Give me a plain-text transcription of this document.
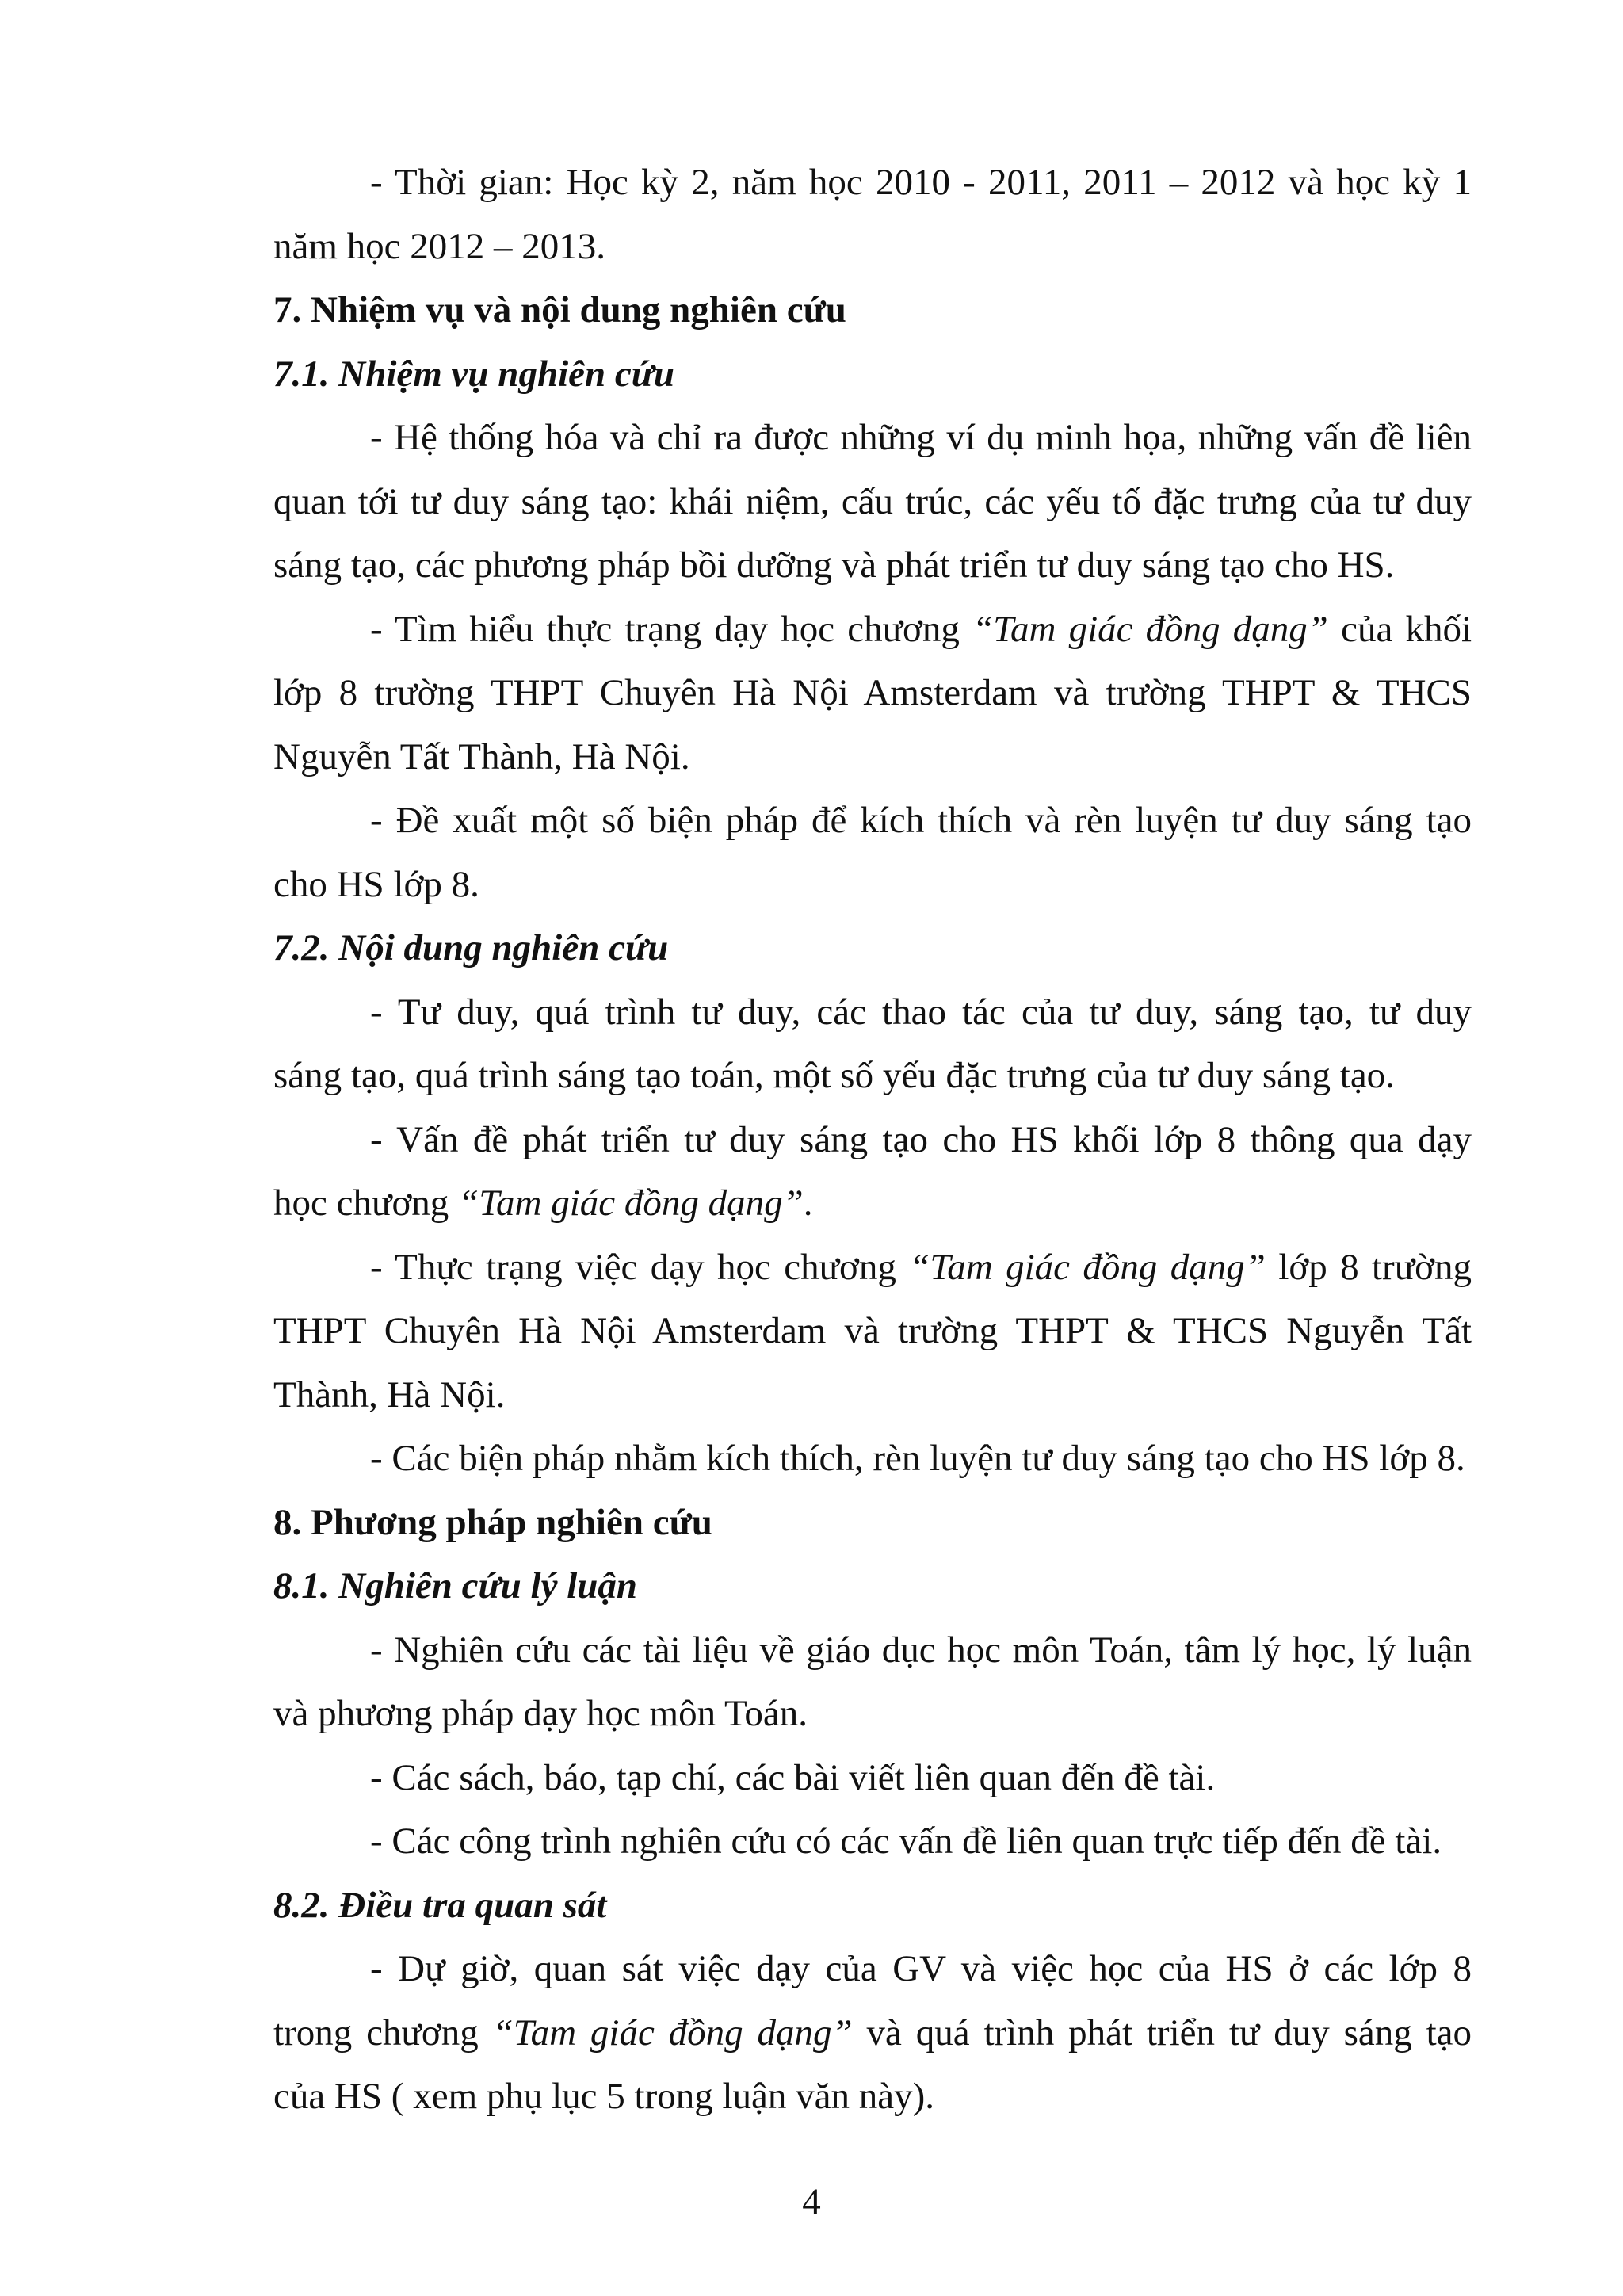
- Thời gian: Học kỳ 2, năm học 2010 - 2011, 2011 – 2012 và học kỳ 1
năm học 2012 – 2013.
7. Nhiệm vụ và nội dung nghiên cứu
7.1. Nhiệm vụ nghiên cứu
- Hệ thống hóa và chỉ ra được những ví dụ minh họa, những vấn đề liên
quan tới tư duy sáng tạo: khái niệm, cấu trúc, các yếu tố đặc trưng của tư duy
sáng tạo, các phương pháp bồi dưỡng và phát triển tư duy sáng tạo cho HS.
- Tìm hiểu thực trạng dạy học chương “Tam giác đồng dạng” của khối
lớp 8 trường THPT Chuyên Hà Nội Amsterdam và trường THPT & THCS
Nguyễn Tất Thành, Hà Nội.
- Đề xuất một số biện pháp để kích thích và rèn luyện tư duy sáng tạo
cho HS lớp 8.
7.2. Nội dung nghiên cứu
- Tư duy, quá trình tư duy, các thao tác của tư duy, sáng tạo, tư duy
sáng tạo, quá trình sáng tạo toán, một số yếu đặc trưng của tư duy sáng tạo.
- Vấn đề phát triển tư duy sáng tạo cho HS khối lớp 8 thông qua dạy
học chương “Tam giác đồng dạng”.
- Thực trạng việc dạy học chương “Tam giác đồng dạng” lớp 8 trường
THPT Chuyên Hà Nội Amsterdam và trường THPT & THCS Nguyễn Tất
Thành, Hà Nội.
- Các biện pháp nhằm kích thích, rèn luyện tư duy sáng tạo cho HS lớp 8.
8. Phương pháp nghiên cứu
8.1. Nghiên cứu lý luận
- Nghiên cứu các tài liệu về giáo dục học môn Toán, tâm lý học, lý luận
và phương pháp dạy học môn Toán.
- Các sách, báo, tạp chí, các bài viết liên quan đến đề tài.
- Các công trình nghiên cứu có các vấn đề liên quan trực tiếp đến đề tài.
8.2. Điều tra quan sát
- Dự giờ, quan sát việc dạy của GV và việc học của HS ở các lớp 8
trong chương “Tam giác đồng dạng” và quá trình phát triển tư duy sáng tạo
của HS ( xem phụ lục 5 trong luận văn này).
4
